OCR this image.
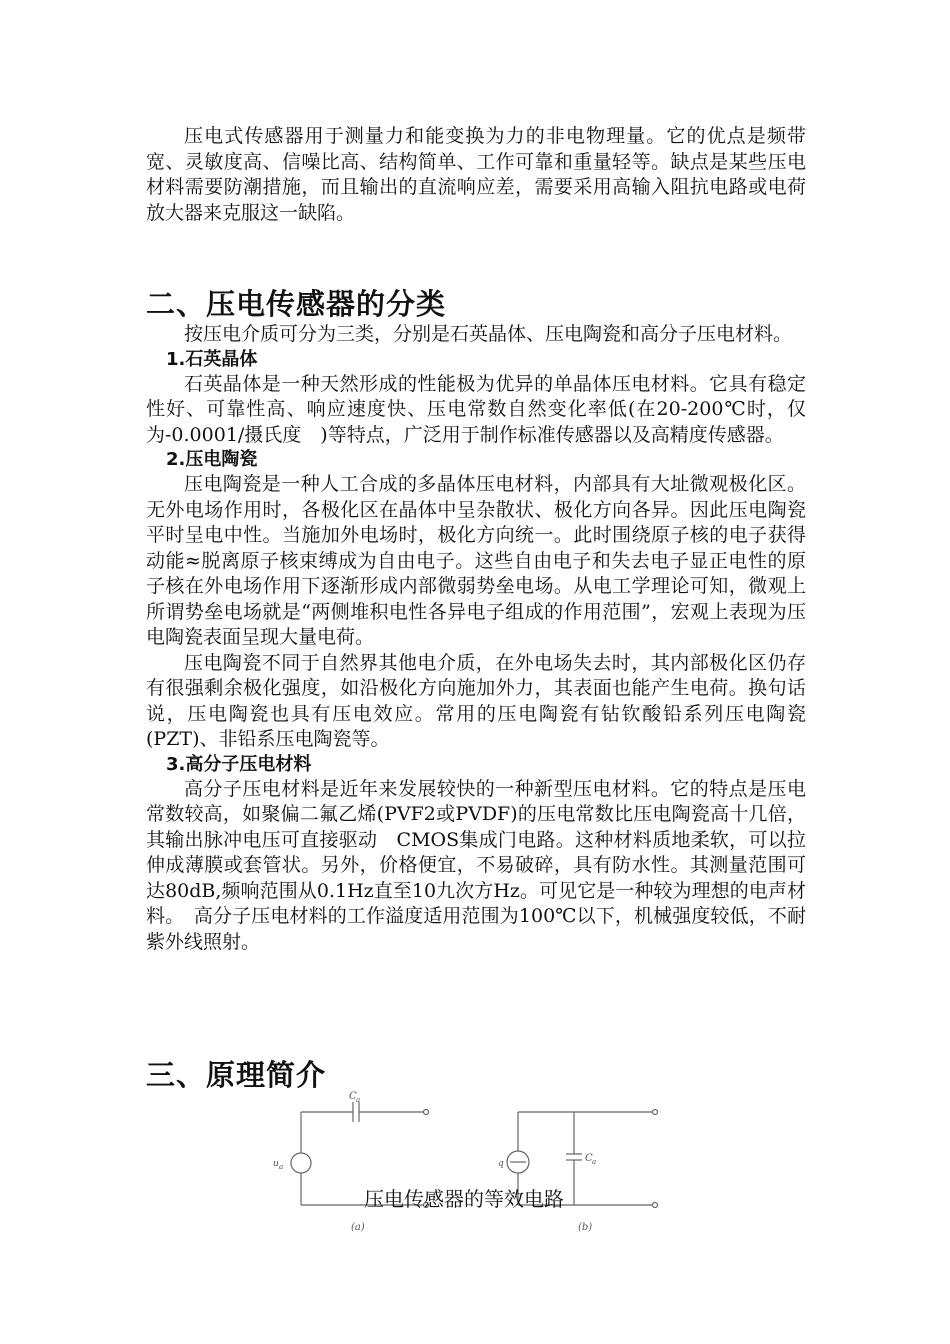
压电式传感器用于测量力和能变换为力的非电物理量。它的优点是频带宽、灵敏度高、信噪比高、结构简单、工作可靠和重量轻等。缺点是某些压电材料需要防潮措施，而且输出的直流响应差，需要采用高输入阻抗电路或电荷放大器来克服这一缺陷。

二、压电传感器的分类

按压电介质可分为三类，分别是石英晶体、压电陶瓷和高分子压电材料。

1.石英晶体

石英晶体是一种天然形成的性能极为优异的单晶体压电材料。它具有稳定性好、可靠性高、响应速度快、压电常数自然变化率低(在20-200℃时，仅为-0.0001/摄氏度　)等特点，广泛用于制作标准传感器以及高精度传感器。

2.压电陶瓷

压电陶瓷是一种人工合成的多晶体压电材料，内部具有大址微观极化区。无外电场作用时，各极化区在晶体中呈杂散状、极化方向各异。因此压电陶瓷平时呈电中性。当施加外电场时，极化方向统一。此时围绕原子核的电子获得动能≈脱离原子核束缚成为自由电子。这些自由电子和失去电子显正电性的原子核在外电场作用下逐渐形成内部微弱势垒电场。从电工学理论可知，微观上所谓势垒电场就是“两侧堆积电性各异电子组成的作用范围”，宏观上表现为压电陶瓷表面呈现大量电荷。

压电陶瓷不同于自然界其他电介质，在外电场失去时，其内部极化区仍存有很强剩余极化强度，如沿极化方向施加外力，其表面也能产生电荷。换句话说，压电陶瓷也具有压电效应。常用的压电陶瓷有钻钦酸铅系列压电陶瓷(PZT)、非铅系压电陶瓷等。

3.高分子压电材料

高分子压电材料是近年来发展较快的一种新型压电材料。它的特点是压电常数较高，如聚偏二氟乙烯(PVF2或PVDF)的压电常数比压电陶瓷高十几倍，其输出脉冲电压可直接驱动　CMOS集成门电路。这种材料质地柔软，可以拉伸成薄膜或套管状。另外，价格便宜，不易破碎，具有防水性。其测量范围可达80dB,频响范围从0.1Hz直至10九次方Hz。可见它是一种较为理想的电声材料。　高分子压电材料的工作溢度适用范围为100℃以下，机械强度较低，不耐紫外线照射。

三、原理简介
C a
u a
(a)
q	C a
(b)
压电传感器的等效电路
